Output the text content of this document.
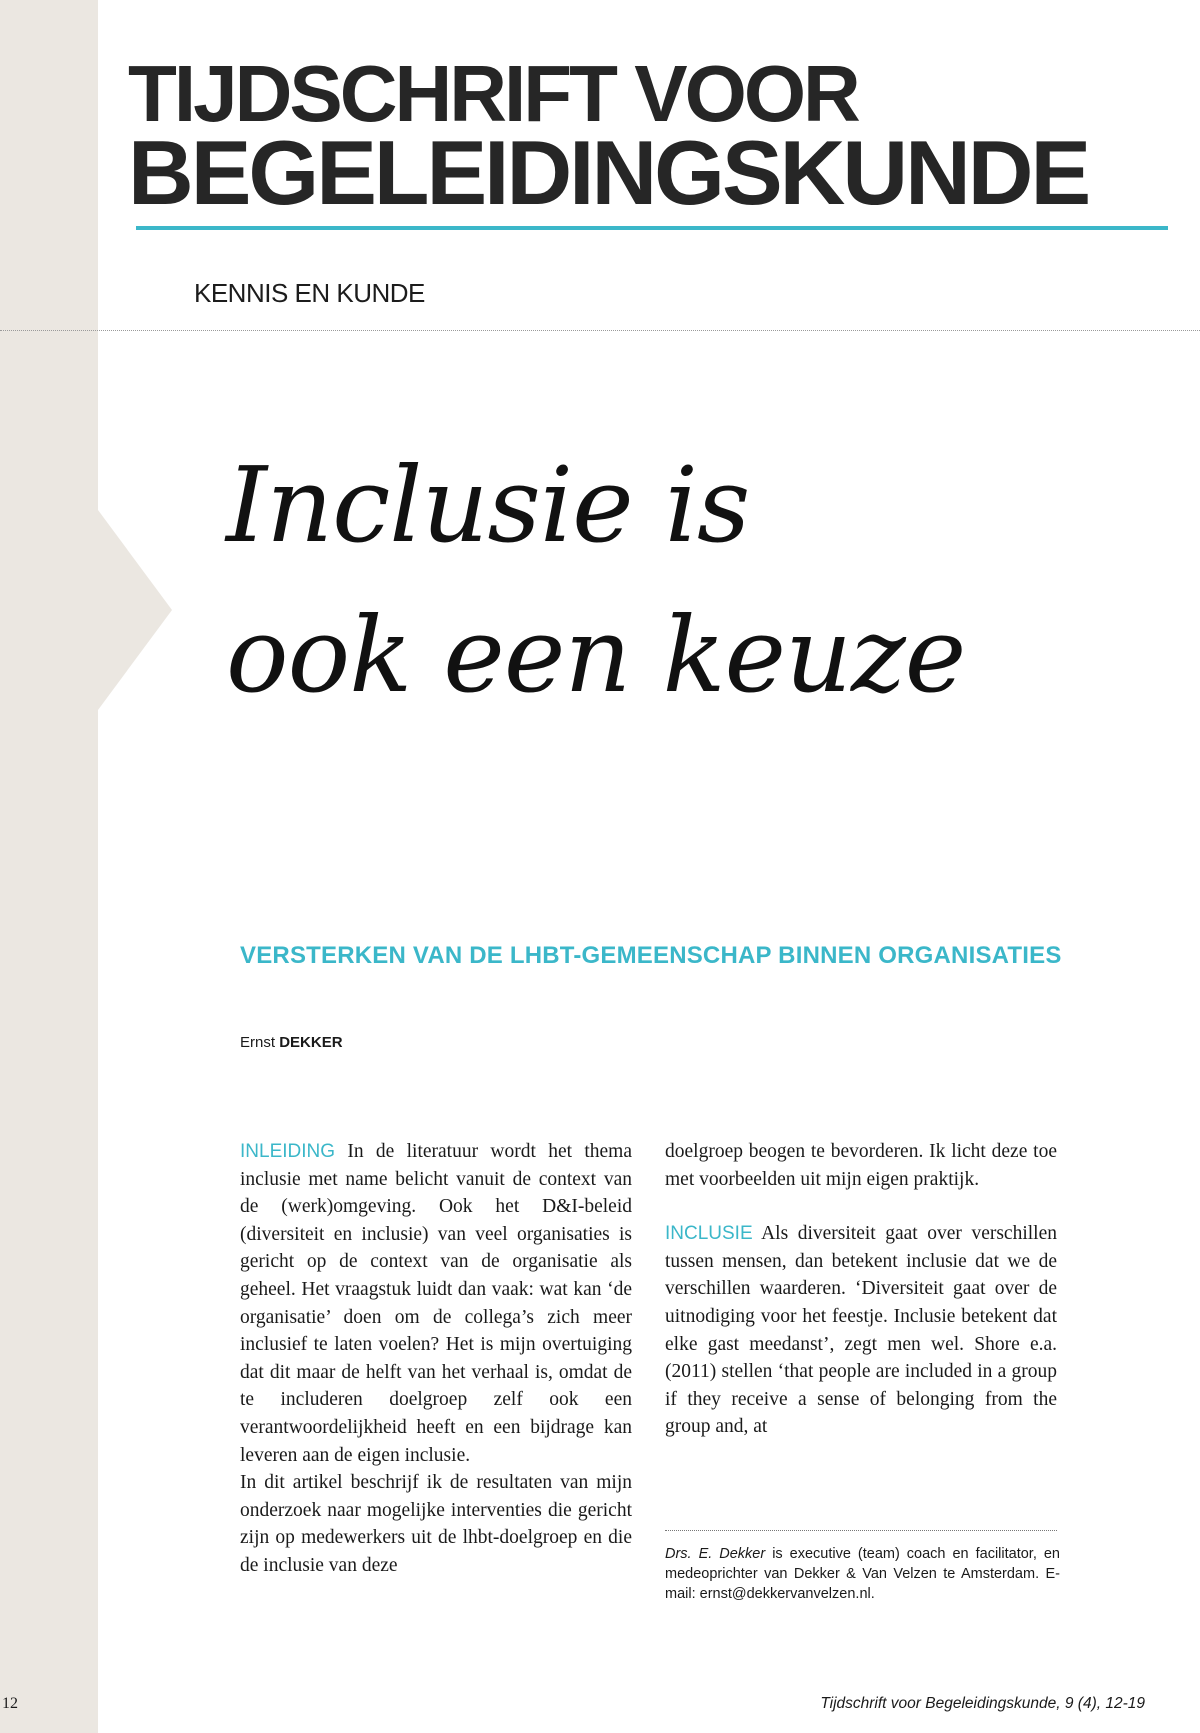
TIJDSCHRIFT VOOR
BEGELEIDINGSKUNDE
KENNIS EN KUNDE
Inclusie is
ook een keuze
VERSTERKEN VAN DE LHBT-GEMEENSCHAP BINNEN ORGANISATIES
Ernst DEKKER

INLEIDING In de literatuur wordt het thema inclusie met name belicht vanuit de context van de (werk)omgeving. Ook het D&I-beleid (diversiteit en inclusie) van veel organisaties is gericht op de context van de organisatie als geheel. Het vraagstuk luidt dan vaak: wat kan ‘de organisatie’ doen om de collega’s zich meer inclusief te laten voelen? Het is mijn overtuiging dat dit maar de helft van het verhaal is, omdat de te includeren doelgroep zelf ook een verantwoordelijkheid heeft en een bijdrage kan leveren aan de eigen inclusie.

In dit artikel beschrijf ik de resultaten van mijn onderzoek naar mogelijke interventies die gericht zijn op medewerkers uit de lhbt-doelgroep en die de inclusie van deze

doelgroep beogen te bevorderen. Ik licht deze toe met voorbeelden uit mijn eigen praktijk.

INCLUSIE Als diversiteit gaat over verschillen tussen mensen, dan betekent inclusie dat we de verschillen waarderen. ‘Diversiteit gaat over de uitnodiging voor het feestje. Inclusie betekent dat elke gast meedanst’, zegt men wel. Shore e.a. (2011) stellen ‘that people are included in a group if they receive a sense of belonging from the group and, at

Drs. E. Dekker is executive (team) coach en facilitator, en medeoprichter van Dekker & Van Velzen te Amsterdam. E-mail: ernst@dekkervanvelzen.nl.
12	Tijdschrift voor Begeleidingskunde, 9 (4), 12-19
